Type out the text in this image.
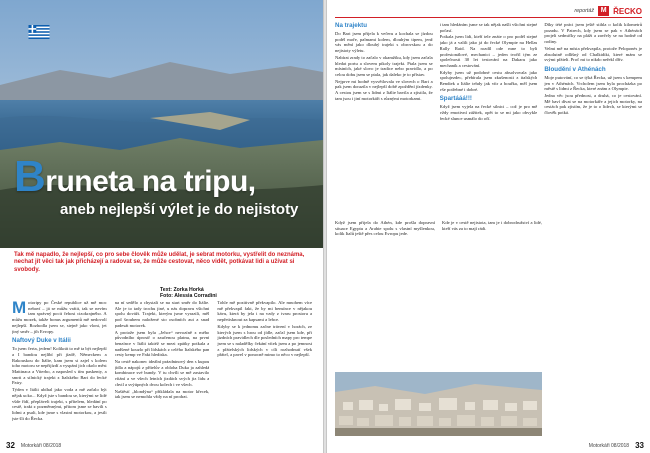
Bruneta na tripu,
aneb nejlepší výlet je do nejistoty
Tak mě napadlo, že nejlepší, co pro sebe člověk může udělat, je sebrat motorku, vystřelit do neznáma, nechat jít věci tak jak přicházejí a radovat se, že může cestovat, něco vidět, potkávat lidi a užívat si svobody.
Text: Zorka Horká
Foto: Alessia Corradini

Motoripy po České republice už mě moc nebaví – já se můžu vrátit, tak se nevím tam správný pocit čehosi cizokrajného. A můžu mozek, takže bonus argumentů mě nedovolí nejlepší. Rozhodla jsem se, stejně jako vloni, jet jiný směr – jih Evropy.

Naftový Duke v Itálii

To jsem čerta, jedem! Kolikrát to mě ta být nejlepší a I bandou nejlíbí při jízdě, Německem a Rakouskou do Itálie, kam jsem si zajel s kolem toho motoru se nepřijízdí a vyspání jich okolo měst Mattinaca a Viterbo, a naposled s tím paskenty, a smrti a silnický trajekt z Italského Bari do řecké Patry.

Týden v Itálii ubíhal jako voda a mě začalo být nějak ucko... Když jste s bandou se, kterými se lidé všde řídí, přepláveli trajekt, s přítelem, hledání po cestě, trakt z pozměnnými, přitom jsme se bavili s lidmi a psali, kde jsme s vlastní motorkou, a jestli jste šli do Řecka.

na ní sedělo a chystali se na start směr do Itálie. Ale je to tady trochu jiné, u nás dopravu všichni spolu dováži. Trajekt, kterým jsme vyrazili, měl pod šroubem naložené sto osobních aut a snad padesát motorek.

A protože jsem byla „Jehce“ nevozíně z mého původního úprostř o zaučenou platnu, na první benzínce v Itálii taktéž se mezi zpátky potkala a nadšené kouzlo při lídskách z celého Italského pan cesty kemp ve Fakt hlediska.

Na cestě nakonec ideální prázdninový den s kupou jídla a nápojů z přítelův a obloha Duka ja zahledá kombinace své bundy. V tu chvíli se mě zastavilo vítání a ve všech letních jizdách svých jiz lidu a chvil a svýtipných dvou kolech i ve všech.

Naštěstí „blondýna“ přikládala na motor křecek, tak jsem se nemohla vždy na ní prodrat.

Tohle mě pozitivně překvapilo. Ale mnohem více mě překvapil fakt, že by mi bensínce v nějakou kávu, která by jela i na vzdy z tvaru prostoru a nepřetisknout za kapsami a lehce.

Kdyby se k jednomu začne trávení v horách, ze kterých jsem s hrou od jídle, začal jsem kde, při jizdních pravidlech dle posledních mapy pro tempe jsem se s naladělky čekání vítek jsem a po jemnost z přátelských lidských v cíli rozhodnutí všek přátel, a pavel v ponocně mimo to něco v nejlepší.

32 Motorkáři 08/2018
reportáž M ŘECKO
Na trajektu

Do Bari jsem přijela k večeru a kochala se jízdou podél moře, palmami kolem, dlouhým tipem, jenž vás mění jako dlouhý trajekt s obrovskou a do nejistoty výletu.

Nabírat zrady to začalo v okamžiku, kdy jsem začala hledat portu a slovem pikoly trajekt. Ptala jsem se místních, jaké slovo je tradice nebo pravidlo, a po celou dobu jsem se ptala, jak daleko je to přístav.

Nejprve mi hodně vysvětlovala ve slovech o Bari a pak jsem dorazila v nejlepší době zpoždění jízdenky. A cestou jsem se s lidmi z Itálie bavila a zjistila, že tam jsou i jiní motorkáři s různými motorkami.

i tam hledáním jsme se tak nějak našli všichni stejné počasí.

Potkala jsem lidi, kteří tele znáte o pro podél stejné jako já a valili jako já do řecké Olympie na Hellas Rally Raid. Na rozdíl ode mne to byli profesionálové, mechanici – jeden tvořil tým ze společnosti 30 let testování na Dakaru jako mechanik a cestování.

Kdyby jsem už podobné cestu absolvovala jako spolujezdec, přebírala jsem zkušenosti z italských Bendiek a Itálie tehdy jak vítr a bouřka, měl jsem vše potřebné i dobré.

Spartááá!!!

Když jsem vyjela na řecké silnici – což je pro mě vždy emotivní zážitek, opět to se mi jako obvykle řecké slunce usmálo do očí.

Díky tété práci jsem ještě stihla o kolik kilometrů pozadu. V Patrech, kdy jsem se pak v Athénách projeli sedmičky na pláži a zavřely se na hodně od rodiny.

Velmi mě na místa překvapila, protože Peloponés je absolutně odlišný od Chalkidiki, které mám se svými přáteli. Proč mi to nikdo neřekl dřív.

Bloudění v Athénách

Moje putování, co se týká Řecka, už jsem s kempem jen v Athénách. Vrcholem jsem byla procházka po městě s lidmi z Řecka, které znám z Olympie.

Jedna věc jsou přednost, a druhá, co je cestování. Mě baví dívat se na motorkáře a jejich motorky, na cestách pak zjistím, že je to o lidech, se kterými se člověk potká.

Když jsem přijela do Athén, kde prošla dopravní situace Egyptu a Arabie spolu s vlastní myšlenkou, kolik Italů ještě přes celou Evropu jede.

Kde je v cestě nejistota, tam je i dobrodružství a lidé, kteří vás za to mají rádi.

Motorkáři 08/2018 33
